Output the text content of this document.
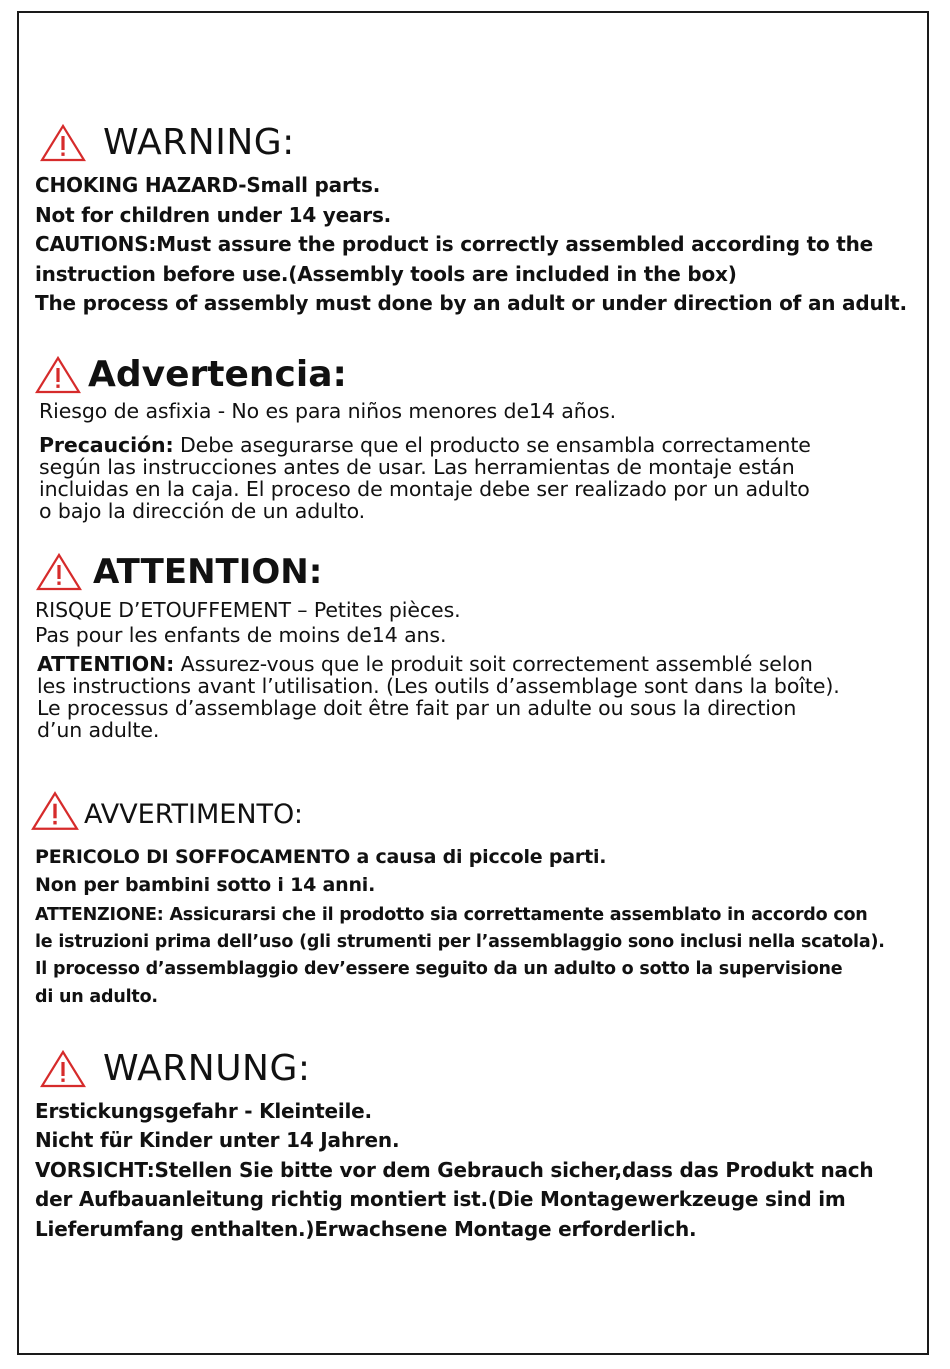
WARNING:
CHOKING HAZARD-Small parts.
Not for children under 14 years.
CAUTIONS:Must assure the product is correctly assembled according to the
instruction before use.(Assembly tools are included in the box)
The process of assembly must done by an adult or under direction of an adult.
Advertencia:
Riesgo de asfixia - No es para niños menores de14 años.
Precaución: Debe asegurarse que el producto se ensambla correctamente
según las instrucciones antes de usar. Las herramientas de montaje están
incluidas en la caja. El proceso de montaje debe ser realizado por un adulto
o bajo la dirección de un adulto.
ATTENTION:
RISQUE D’ETOUFFEMENT – Petites pièces.
Pas pour les enfants de moins de14 ans.
ATTENTION: Assurez-vous que le produit soit correctement assemblé selon
les instructions avant l’utilisation. (Les outils d’assemblage sont dans la boîte).
Le processus d’assemblage doit être fait par un adulte ou sous la direction
d’un adulte.
AVVERTIMENTO:
PERICOLO DI SOFFOCAMENTO a causa di piccole parti.
Non per bambini sotto i 14 anni.
ATTENZIONE: Assicurarsi che il prodotto sia correttamente assemblato in accordo con
le istruzioni prima dell’uso (gli strumenti per l’assemblaggio sono inclusi nella scatola).
Il processo d’assemblaggio dev’essere seguito da un adulto o sotto la supervisione
di un adulto.
WARNUNG:
Erstickungsgefahr - Kleinteile.
Nicht für Kinder unter 14 Jahren.
VORSICHT:Stellen Sie bitte vor dem Gebrauch sicher,dass das Produkt nach
der Aufbauanleitung richtig montiert ist.(Die Montagewerkzeuge sind im
Lieferumfang enthalten.)Erwachsene Montage erforderlich.
